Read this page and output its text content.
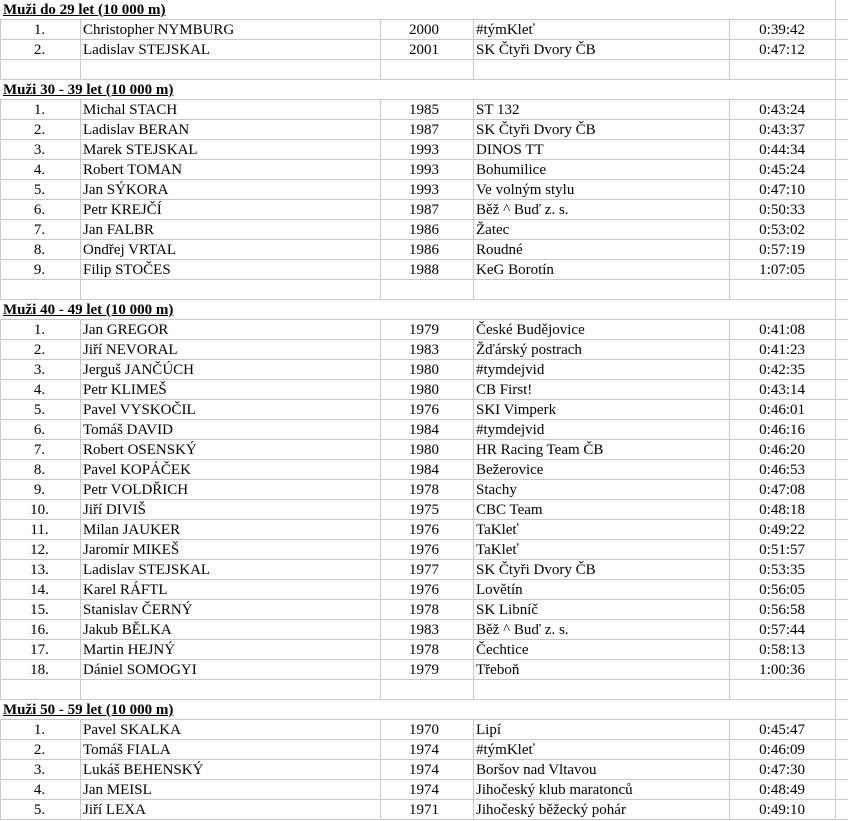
Muži do 29 let (10 000 m)
1.	Christopher NYMBURG	2000	#týmKleť	0:39:42
2.	Ladislav STEJSKAL	2001	SK Čtyři Dvory ČB	0:47:12
Muži 30 - 39 let (10 000 m)
1.	Michal STACH	1985	ST 132	0:43:24
2.	Ladislav BERAN	1987	SK Čtyři Dvory ČB	0:43:37
3.	Marek STEJSKAL	1993	DINOS TT	0:44:34
4.	Robert TOMAN	1993	Bohumilice	0:45:24
5.	Jan SÝKORA	1993	Ve volným stylu	0:47:10
6.	Petr KREJČÍ	1987	Běž ^ Buď z. s.	0:50:33
7.	Jan FALBR	1986	Žatec	0:53:02
8.	Ondřej VRTAL	1986	Roudné	0:57:19
9.	Filip STOČES	1988	KeG Borotín	1:07:05
Muži 40 - 49 let (10 000 m)
1.	Jan GREGOR	1979	České Budějovice	0:41:08
2.	Jiří NEVORAL	1983	Žďárský postrach	0:41:23
3.	Jerguš JANČÚCH	1980	#tymdejvid	0:42:35
4.	Petr KLIMEŠ	1980	CB First!	0:43:14
5.	Pavel VYSKOČIL	1976	SKI Vimperk	0:46:01
6.	Tomáš DAVID	1984	#tymdejvid	0:46:16
7.	Robert OSENSKÝ	1980	HR Racing Team ČB	0:46:20
8.	Pavel KOPÁČEK	1984	Bežerovice	0:46:53
9.	Petr VOLDŘICH	1978	Stachy	0:47:08
10.	Jiří DIVIŠ	1975	CBC Team	0:48:18
11.	Milan JAUKER	1976	TaKleť	0:49:22
12.	Jaromír MIKEŠ	1976	TaKleť	0:51:57
13.	Ladislav STEJSKAL	1977	SK Čtyři Dvory ČB	0:53:35
14.	Karel RÁFTL	1976	Lovětín	0:56:05
15.	Stanislav ČERNÝ	1978	SK Libníč	0:56:58
16.	Jakub BĚLKA	1983	Běž ^ Buď z. s.	0:57:44
17.	Martin HEJNÝ	1978	Čechtice	0:58:13
18.	Dániel SOMOGYI	1979	Třeboň	1:00:36
Muži 50 - 59 let (10 000 m)
1.	Pavel SKALKA	1970	Lipí	0:45:47
2.	Tomáš FIALA	1974	#týmKleť	0:46:09
3.	Lukáš BEHENSKÝ	1974	Boršov nad Vltavou	0:47:30
4.	Jan MEISL	1974	Jihočeský klub maratonců	0:48:49
5.	Jiří LEXA	1971	Jihočeský běžecký pohár	0:49:10
